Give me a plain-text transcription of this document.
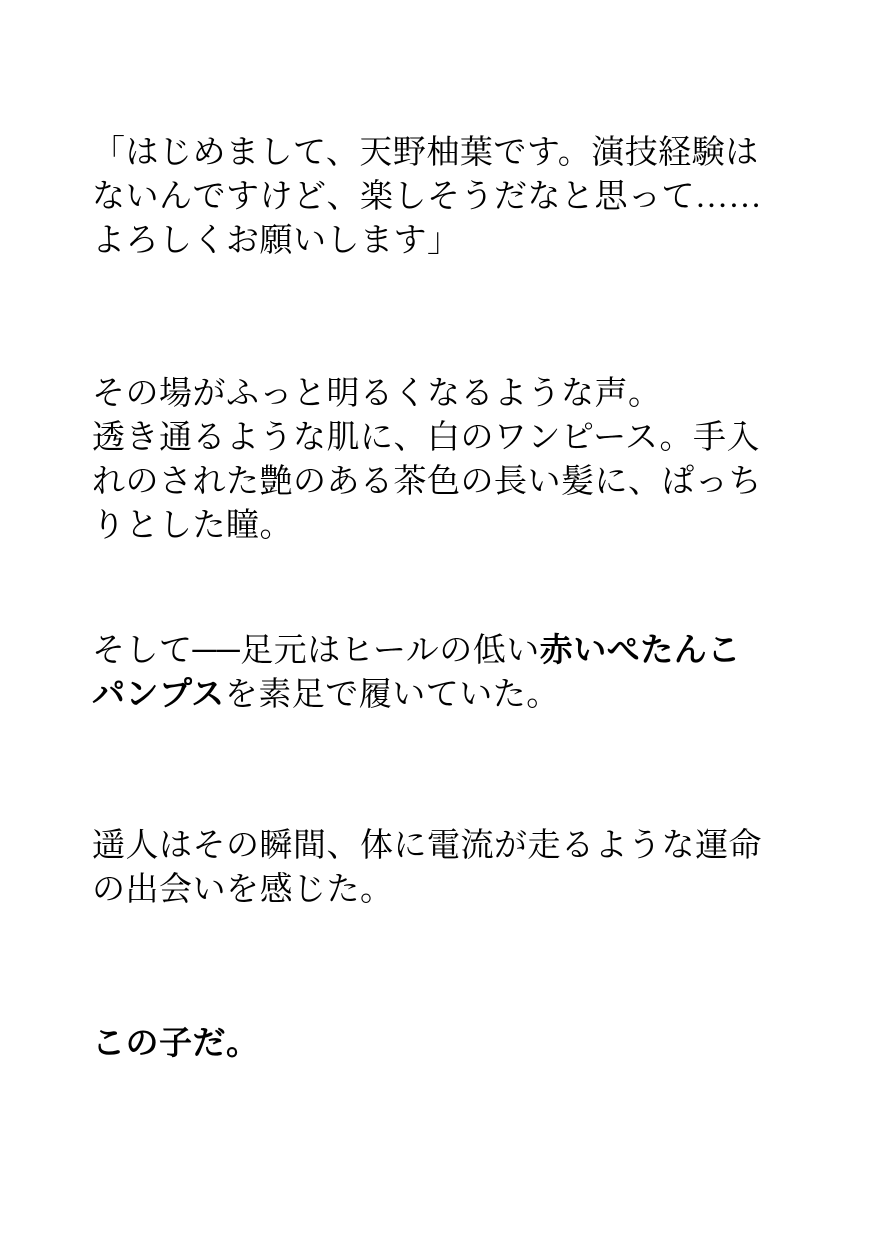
「はじめまして、天野柚葉です。演技経験は
ないんですけど、楽しそうだなと思って……
よろしくお願いします」
その場がふっと明るくなるような声。
透き通るような肌に、白のワンピース。手入
れのされた艶のある茶色の長い髪に、ぱっち
りとした瞳。
そして──足元はヒールの低い赤いぺたんこ
パンプスを素足で履いていた。
遥人はその瞬間、体に電流が走るような運命
の出会いを感じた。
この子だ。
